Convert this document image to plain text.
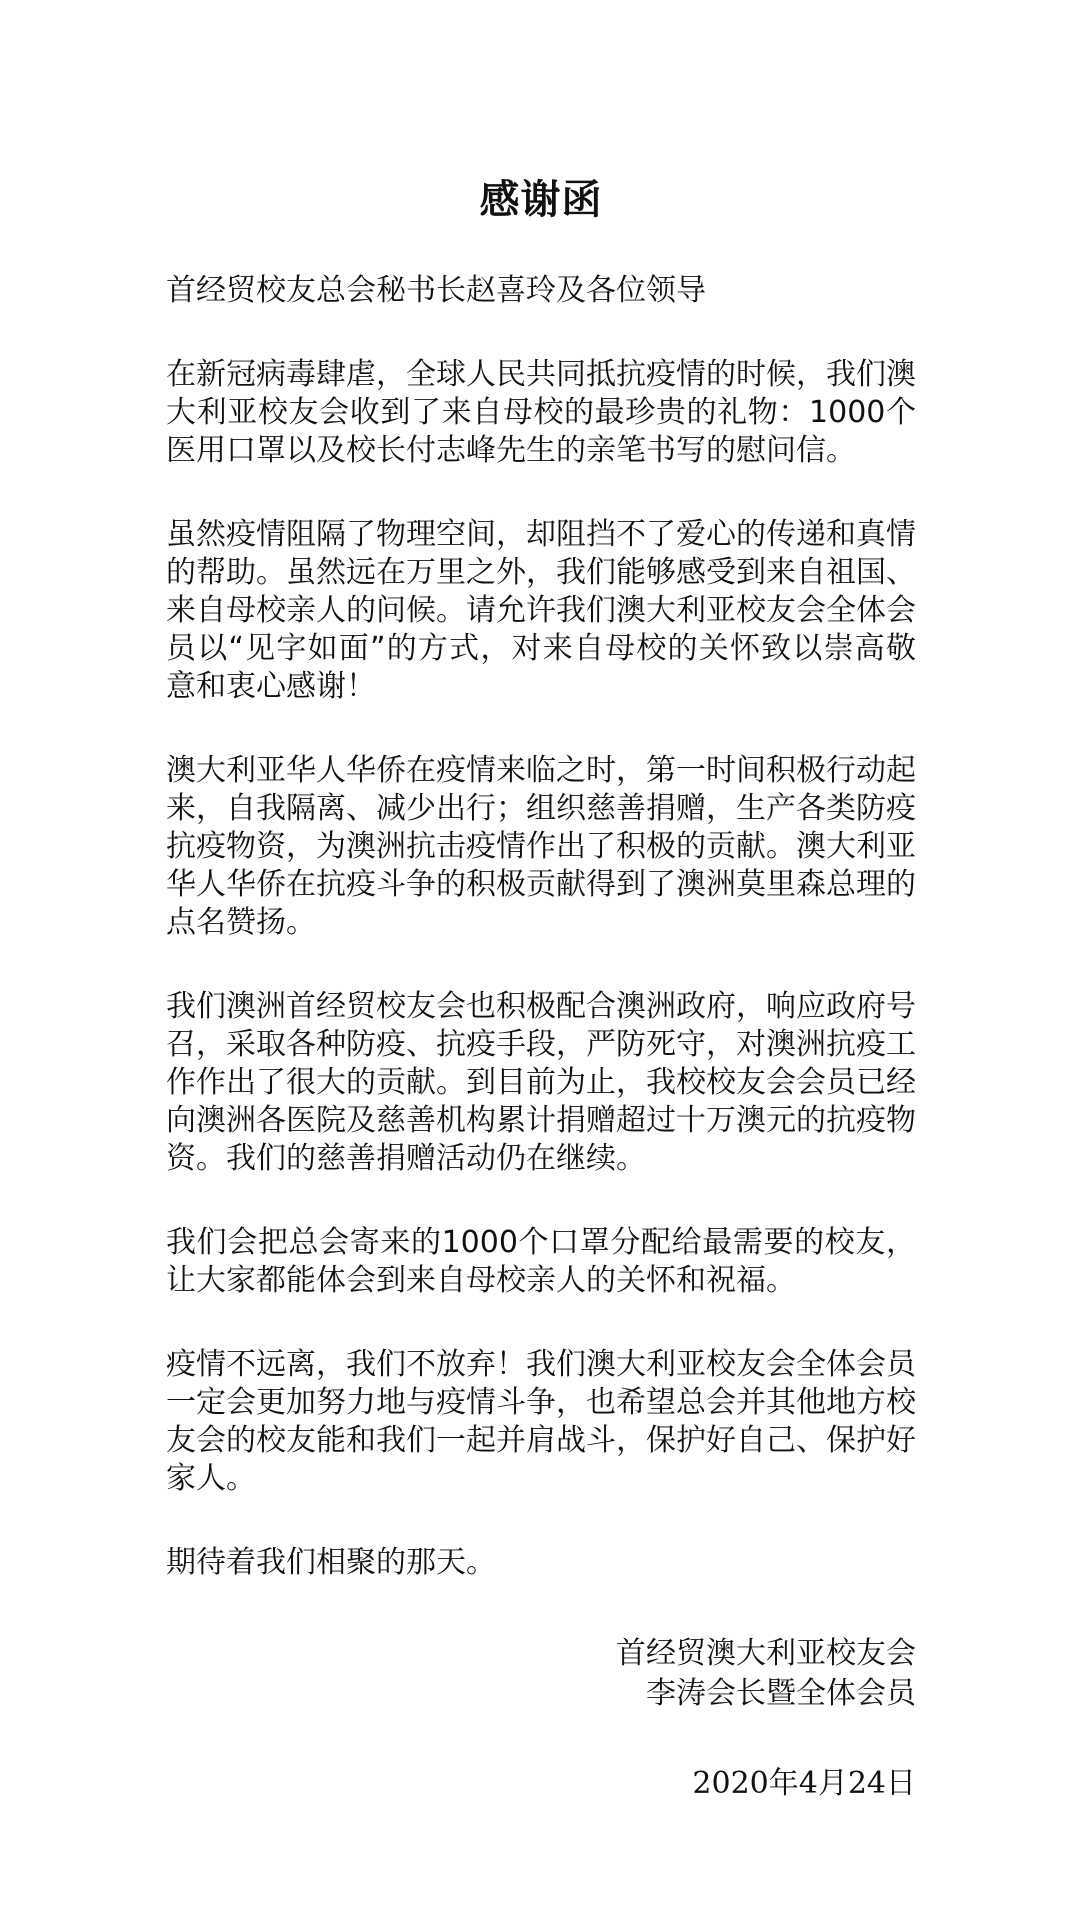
感谢函
首经贸校友总会秘书长赵喜玲及各位领导
在新冠病毒肆虐，全球人民共同抵抗疫情的时候，我们澳大利亚校友会收到了来自母校的最珍贵的礼物：1000个医用口罩以及校长付志峰先生的亲笔书写的慰问信。
虽然疫情阻隔了物理空间，却阻挡不了爱心的传递和真情的帮助。虽然远在万里之外，我们能够感受到来自祖国、来自母校亲人的问候。请允许我们澳大利亚校友会全体会员以“见字如面”的方式，对来自母校的关怀致以崇高敬意和衷心感谢！
澳大利亚华人华侨在疫情来临之时，第一时间积极行动起来，自我隔离、减少出行；组织慈善捐赠，生产各类防疫抗疫物资，为澳洲抗击疫情作出了积极的贡献。澳大利亚华人华侨在抗疫斗争的积极贡献得到了澳洲莫里森总理的点名赞扬。
我们澳洲首经贸校友会也积极配合澳洲政府，响应政府号召，采取各种防疫、抗疫手段，严防死守，对澳洲抗疫工作作出了很大的贡献。到目前为止，我校校友会会员已经向澳洲各医院及慈善机构累计捐赠超过十万澳元的抗疫物资。我们的慈善捐赠活动仍在继续。
我们会把总会寄来的1000个口罩分配给最需要的校友，让大家都能体会到来自母校亲人的关怀和祝福。
疫情不远离，我们不放弃！我们澳大利亚校友会全体会员一定会更加努力地与疫情斗争，也希望总会并其他地方校友会的校友能和我们一起并肩战斗，保护好自己、保护好家人。
期待着我们相聚的那天。
首经贸澳大利亚校友会
李涛会长暨全体会员
2020年4月24日
